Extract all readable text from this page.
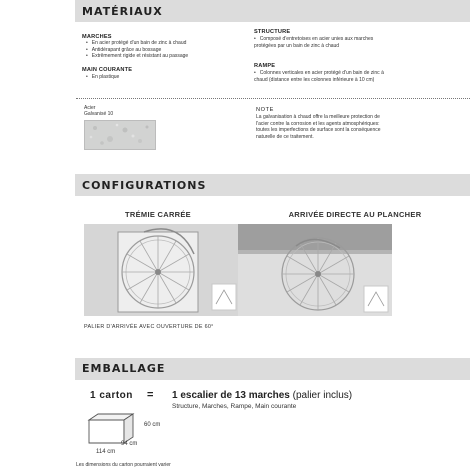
MATÉRIAUX
MARCHES
• En acier protégé d'un bain de zinc à chaud
• Antidérapant grâce au bossage
• Extrêmement rigide et résistant au passage
MAIN COURANTE
• En plastique
STRUCTURE
• Composé d'entretoises en acier unies aux marches protégées par un bain de zinc à chaud
RAMPE
• Colonnes verticales en acier protégé d'un bain de zinc à chaud (distance entre les colonnes inférieure à 10 cm)
Acier
Galvanisé 10
NOTE
La galvanisation à chaud offre la meilleure protection de l'acier contre la corrosion et les agents atmosphériques: toutes les imperfections de surface sont la conséquence naturelle de ce traitement.
CONFIGURATIONS
TRÉMIE CARRÉE	ARRIVÉE DIRECTE AU PLANCHER
PALIER D'ARRIVÉE AVEC OUVERTURE DE 60°
EMBALLAGE
1 carton = 1 escalier de 13 marches (palier inclus)
Structure, Marches, Rampe, Main courante
60 cm
94 cm
114 cm
Les dimensions du carton pourraient varier
